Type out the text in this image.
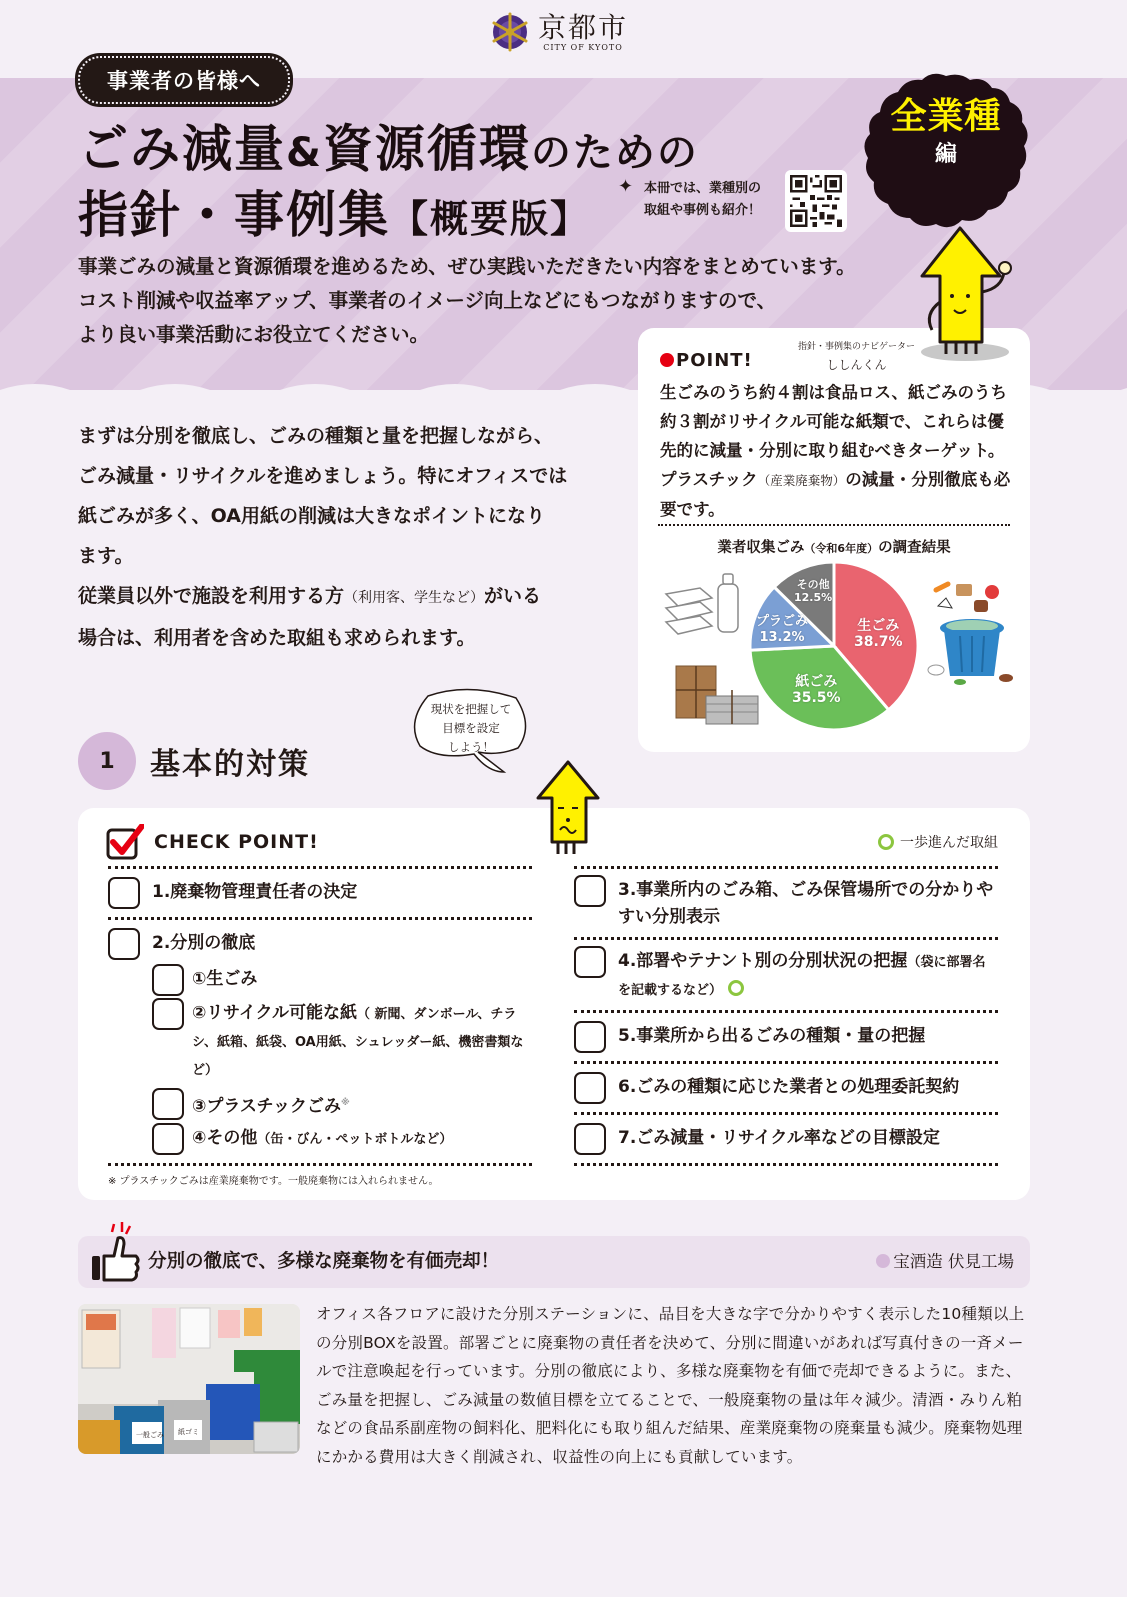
京都市
CITY OF KYOTO
事業者の皆様へ
ごみ減量&資源循環のための
指針・事例集【概要版】
✦ 本冊では、業種別の
取組や事例も紹介！
全業種
編
事業ごみの減量と資源循環を進めるため、ぜひ実践いただきたい内容をまとめています。
コスト削減や収益率アップ、事業者のイメージ向上などにもつながりますので、
より良い事業活動にお役立てください。
POINT!
指針・事例集のナビゲーター
ししんくん
生ごみのうち約４割は食品ロス、紙ごみのうち約３割がリサイクル可能な紙類で、これらは優先的に減量・分別に取り組むべきターゲット。プラスチック（産業廃棄物）の減量・分別徹底も必要です。
業者収集ごみ（令和6年度）の調査結果
生ごみ
38.7%
紙ごみ
35.5%
プラごみ
13.2%
その他
12.5%
まずは分別を徹底し、ごみの種類と量を把握しながら、
ごみ減量・リサイクルを進めましょう。特にオフィスでは
紙ごみが多く、OA用紙の削減は大きなポイントになり
ます。
従業員以外で施設を利用する方（利用客、学生など）がいる
場合は、利用者を含めた取組も求められます。
1	基本的対策
現状を把握して
目標を設定
しよう！
CHECK POINT!	一歩進んだ取組
1.廃棄物管理責任者の決定
2.分別の徹底
①生ごみ
②リサイクル可能な紙（ 新聞、ダンボール、チラシ、紙箱、紙袋、OA用紙、シュレッダー紙、機密書類など）
③プラスチックごみ※
④その他（缶・びん・ペットボトルなど）
※ プラスチックごみは産業廃棄物です。一般廃棄物には入れられません。
3.事業所内のごみ箱、ごみ保管場所での分かりやすい分別表示
4.部署やテナント別の分別状況の把握（袋に部署名を記載するなど）
5.事業所から出るごみの種類・量の把握
6.ごみの種類に応じた業者との処理委託契約
7.ごみ減量・リサイクル率などの目標設定
分別の徹底で、多様な廃棄物を有価売却！	宝酒造 伏見工場
一般ごみ 紙ゴミ
オフィス各フロアに設けた分別ステーションに、品目を大きな字で分かりやすく表示した10種類以上の分別BOXを設置。部署ごとに廃棄物の責任者を決めて、分別に間違いがあれば写真付きの一斉メールで注意喚起を行っています。分別の徹底により、多様な廃棄物を有価で売却できるように。また、ごみ量を把握し、ごみ減量の数値目標を立てることで、一般廃棄物の量は年々減少。清酒・みりん粕などの食品系副産物の飼料化、肥料化にも取り組んだ結果、産業廃棄物の廃棄量も減少。廃棄物処理にかかる費用は大きく削減され、収益性の向上にも貢献しています。
